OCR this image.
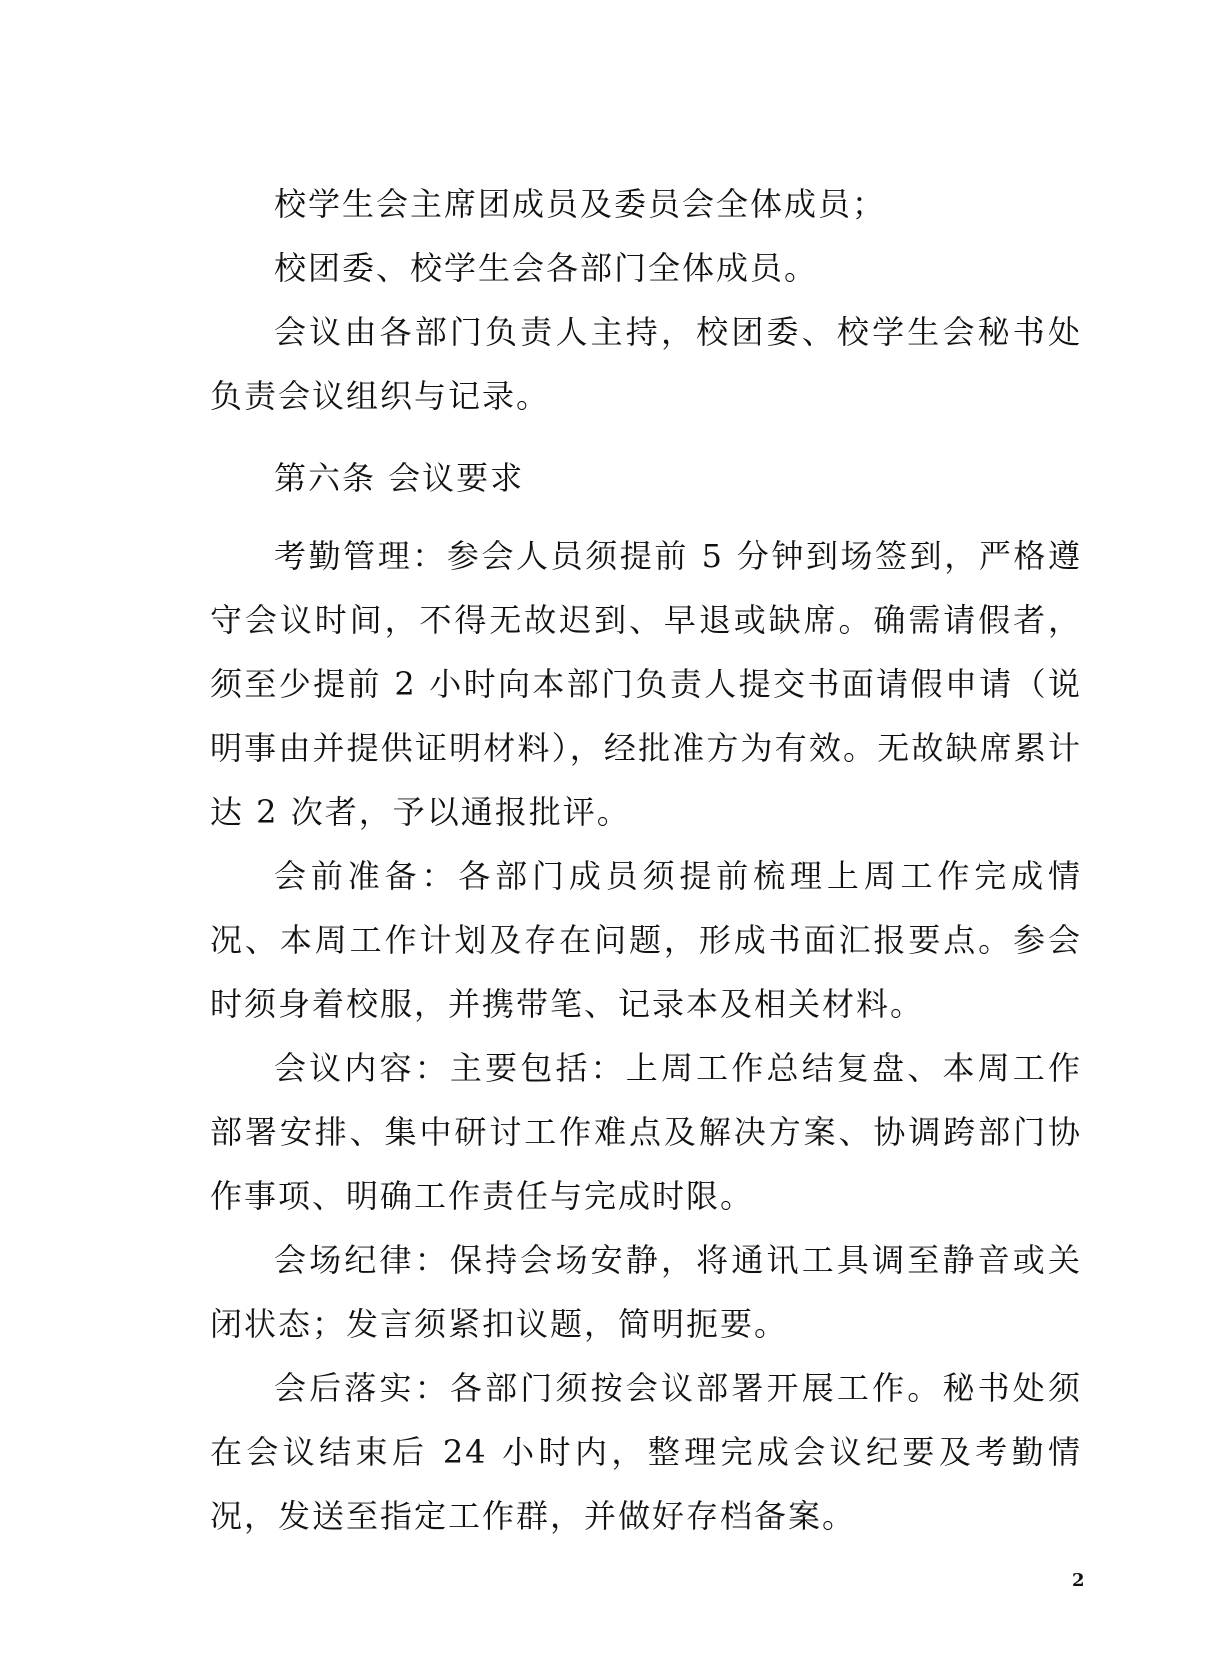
校学生会主席团成员及委员会全体成员；

校团委、校学生会各部门全体成员。

会议由各部门负责人主持，校团委、校学生会秘书处负责会议组织与记录。

第六条 会议要求

考勤管理：参会人员须提前 5 分钟到场签到，严格遵守会议时间，不得无故迟到、早退或缺席。确需请假者，须至少提前 2 小时向本部门负责人提交书面请假申请（说明事由并提供证明材料），经批准方为有效。无故缺席累计达 2 次者，予以通报批评。

会前准备：各部门成员须提前梳理上周工作完成情况、本周工作计划及存在问题，形成书面汇报要点。参会时须身着校服，并携带笔、记录本及相关材料。

会议内容：主要包括：上周工作总结复盘、本周工作部署安排、集中研讨工作难点及解决方案、协调跨部门协作事项、明确工作责任与完成时限。

会场纪律：保持会场安静，将通讯工具调至静音或关闭状态；发言须紧扣议题，简明扼要。

会后落实：各部门须按会议部署开展工作。秘书处须在会议结束后 24 小时内，整理完成会议纪要及考勤情况，发送至指定工作群，并做好存档备案。

2
